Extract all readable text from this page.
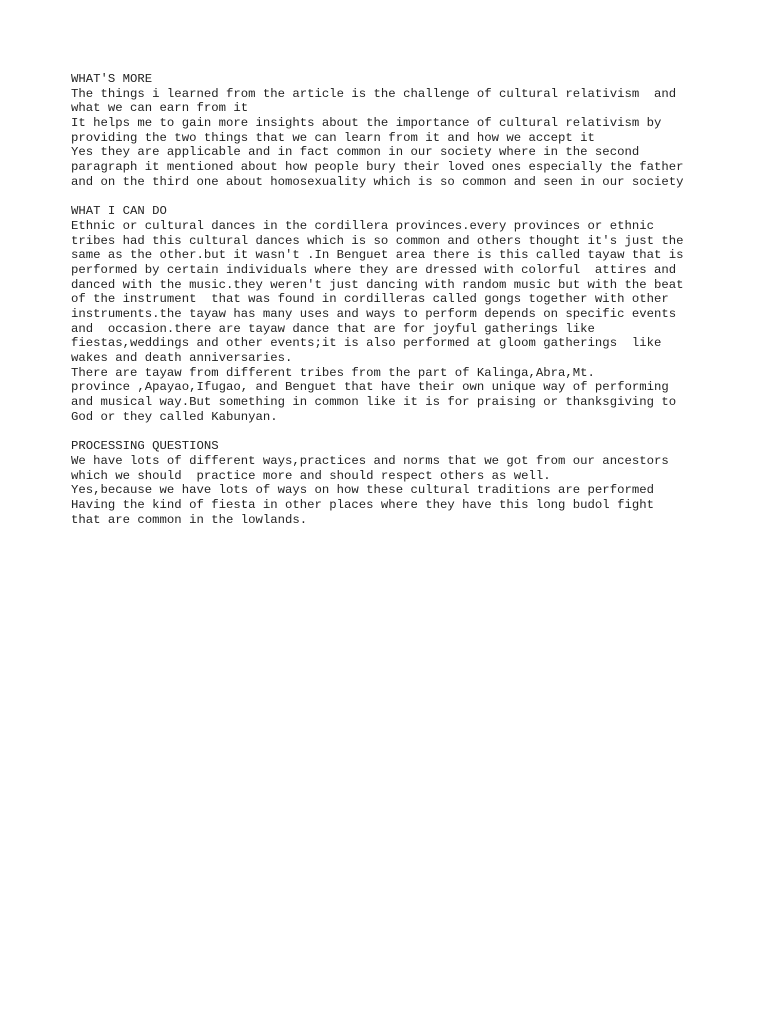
WHAT'S MORE
The things i learned from the article is the challenge of cultural relativism  and
what we can earn from it
It helps me to gain more insights about the importance of cultural relativism by
providing the two things that we can learn from it and how we accept it
Yes they are applicable and in fact common in our society where in the second
paragraph it mentioned about how people bury their loved ones especially the father
and on the third one about homosexuality which is so common and seen in our society
WHAT I CAN DO
Ethnic or cultural dances in the cordillera provinces.every provinces or ethnic
tribes had this cultural dances which is so common and others thought it's just the
same as the other.but it wasn't .In Benguet area there is this called tayaw that is
performed by certain individuals where they are dressed with colorful  attires and
danced with the music.they weren't just dancing with random music but with the beat
of the instrument  that was found in cordilleras called gongs together with other
instruments.the tayaw has many uses and ways to perform depends on specific events
and  occasion.there are tayaw dance that are for joyful gatherings like
fiestas,weddings and other events;it is also performed at gloom gatherings  like
wakes and death anniversaries.
There are tayaw from different tribes from the part of Kalinga,Abra,Mt.
province ,Apayao,Ifugao, and Benguet that have their own unique way of performing
and musical way.But something in common like it is for praising or thanksgiving to
God or they called Kabunyan.
PROCESSING QUESTIONS
We have lots of different ways,practices and norms that we got from our ancestors
which we should  practice more and should respect others as well.
Yes,because we have lots of ways on how these cultural traditions are performed
Having the kind of fiesta in other places where they have this long budol fight
that are common in the lowlands.
